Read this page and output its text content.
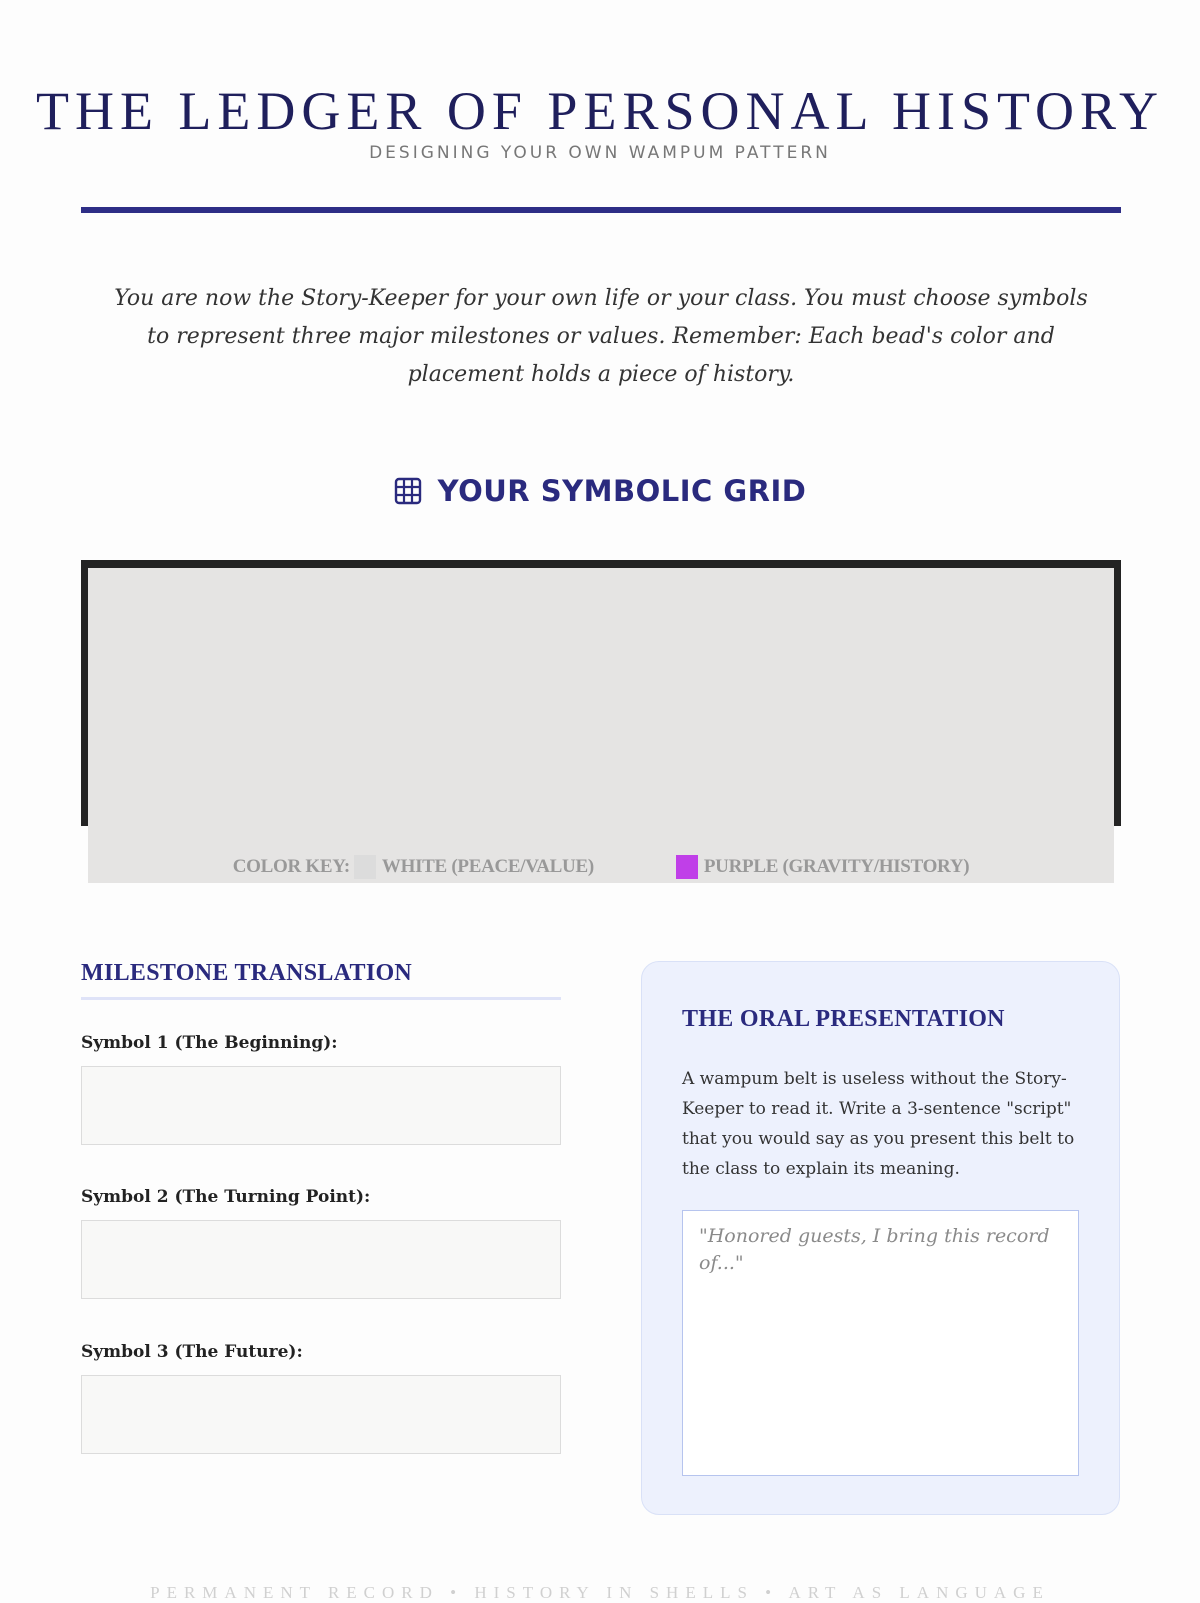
THE LEDGER OF PERSONAL HISTORY
DESIGNING YOUR OWN WAMPUM PATTERN
You are now the Story-Keeper for your own life or your class. You must choose symbols to represent three major milestones or values. Remember: Each bead's color and placement holds a piece of history.
YOUR SYMBOLIC GRID
COLOR KEY: WHITE (PEACE/VALUE)	PURPLE (GRAVITY/HISTORY)
MILESTONE TRANSLATION
Symbol 1 (The Beginning):
Symbol 2 (The Turning Point):
Symbol 3 (The Future):
THE ORAL PRESENTATION
A wampum belt is useless without the Story-Keeper to read it. Write a 3-sentence "script" that you would say as you present this belt to the class to explain its meaning.
"Honored guests, I bring this record of..."
PERMANENT RECORD • HISTORY IN SHELLS • ART AS LANGUAGE
